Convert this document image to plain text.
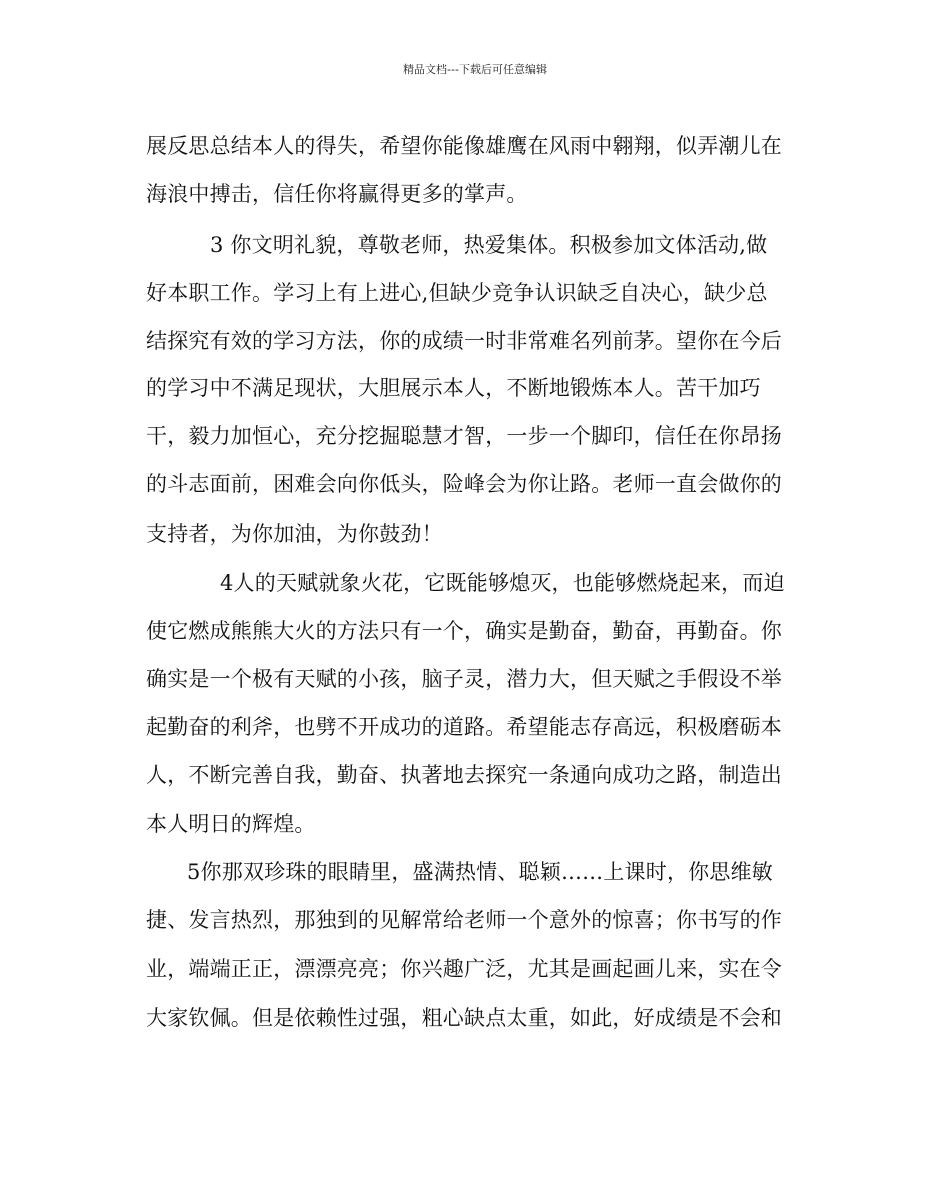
精品文档---下载后可任意编辑
展反思总结本人的得失，希望你能像雄鹰在风雨中翱翔，似弄潮儿在
海浪中搏击，信任你将赢得更多的掌声。
3 你文明礼貌，尊敬老师，热爱集体。积极参加文体活动,做
好本职工作。学习上有上进心,但缺少竞争认识缺乏自决心，缺少总
结探究有效的学习方法，你的成绩一时非常难名列前茅。望你在今后
的学习中不满足现状，大胆展示本人，不断地锻炼本人。苦干加巧
干，毅力加恒心，充分挖掘聪慧才智，一步一个脚印，信任在你昂扬
的斗志面前，困难会向你低头，险峰会为你让路。老师一直会做你的
支持者，为你加油，为你鼓劲！
4人的天赋就象火花，它既能够熄灭，也能够燃烧起来，而迫
使它燃成熊熊大火的方法只有一个，确实是勤奋，勤奋，再勤奋。你
确实是一个极有天赋的小孩，脑子灵，潜力大，但天赋之手假设不举
起勤奋的利斧，也劈不开成功的道路。希望能志存高远，积极磨砺本
人，不断完善自我，勤奋、执著地去探究一条通向成功之路，制造出
本人明日的辉煌。
5你那双珍珠的眼睛里，盛满热情、聪颖……上课时，你思维敏
捷、发言热烈，那独到的见解常给老师一个意外的惊喜；你书写的作
业，端端正正，漂漂亮亮；你兴趣广泛，尤其是画起画儿来，实在令
大家钦佩。但是依赖性过强，粗心缺点太重，如此，好成绩是不会和
